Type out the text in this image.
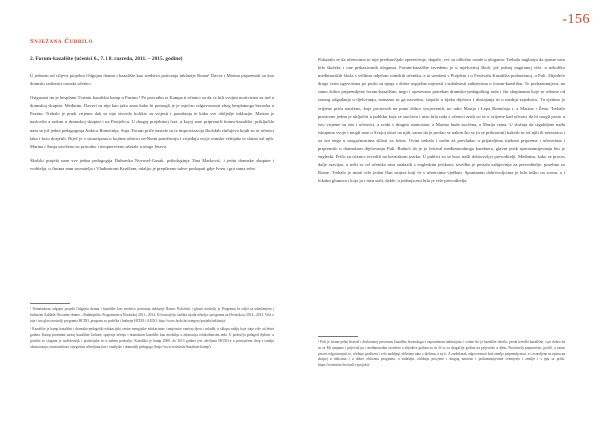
-156
Snježana Čubrilo
2. Forum-kazalište (učenici 6., 7. i 8. razreda, 2011. – 2015. godine)

U jednom od ciljeva projekta Odgojna drama i kazalište kao sredstvo poticanja inkluzije Roma¹ Davor i Marina pripremali su kao dramski radionici romski učenici.

Osigurani im je besplatni Tvrtnin kazališni kamp u Pazinu.² Po povratku iz Kampa ti ečenici su da će bili svojim motivirani za rad u dramskoj skupini. Međutim, Davori su nije kao jako znao kako bi pomogli je je osjećao odgovornosti zbog besplatnoga boravka u Pazinu. Trebalo je pruži vrijeme dok se nije stvorilo kolikio su svijesti i ponašanja te kako sve obilježje inkluzije. Marina je naslovila a radom u dramskoj skupini i na Pasijelicu. U drugoj projektnoj fazi, u kojoj smo pripremili forum-kazalište, priključila nam se još jedna pedagoginja Ankica Romićnija. Snja. Forum priče nastale su iz improvizacija školskih slučajeva kojih su se učenici lako i brzo dosjetili. Riječ je o situacijama u kojima učenici ne-Romi ponižavaju i vrijeđaju svoje romske vršnjake te slatno zal njih. Marina i Sanja savršeno su prirodno i neopterećeno ušetale u uloge Jetava.

Školski projekt nam sve jednu pedagogija Dubravka Novosel-Gusak, psihologinja Tina Marković, i jedni dramske skupine i voditelja, u činima nam ravnatelja i Vladimirom Kruščem, odaljio je prepšireno takve poslupati gdje Ivreu i gra sama sebe.

¹ Namenskom odgojni projekt Odgojna drama i kazalište kao sredstvo poticanja inkluzije Roma: Polovlati i glavni nositelji je Programa bi odjel sa udruženjem i bulturom Zablade Otvorene drame – Budimpešta. Programom u Hrvatskoj 2011.–2014. Učesnicajčin, razlika sijada učitelja i programa za Hrvatsku u 2014.–2015. Više o tuje i ine glavi nositelji programa HCDO, program su podrške i hadnaje HCDO i AZOO. http://www.hcdo.hr/category/projekt/inkluzija/

² Kazalište je kamp kazališni i dramsko-pedagoški edukacijski centar mengijske edukacinim i umjetnice vanivaj djece i mladih, u sklopu radiju koje traje više od deset godina. Kamp promitmi nastoj kazališne kulture, spajenje učenju i dramskom kazalište kao modalija u afirmacija relaksihnosim teda. U području prilagod djelom, u postižu se sloganu je suđelovnijk i profesijske se u našem području, Kazalište je kamp 2000. do 2013 godina jest oživljena HCDO-a u postojećem drop i studija obrazovanja i nastavnikom i njegovim učiteljima kao i studijske i dramskih pedagoga (http://www.tvrtnin.hr/kazalisni-kamp/).

Pokazalo se da učenicima to nije predstavljalo opterećenje, dapače, već su odlučno ostale u ulogama. Trebalo nagliraju da spuste nisu bile školske i one prikazivanih ulogama. Forum-kazalište izvedeno je u mješovitoj školi, još jednoj nagiranoj više, u nekoliko međimurskih škola s velikim udjelom romskih učenika, a ta uvedeni s Projektu i u Festivalu Kazališta podaaćenoj, u Puli. Slijedeće druge svim ugovorima po poslu su njega s dobre uspješne trajnosti i stabilnosti zahtjevima u forum-kazalištu. To podrazumijeva, ne samo dobro pripremljene forum-kazališne, nego i opetovano potreban dramsko-pedagoškog rada i čin skupinama koje se odnose od rasnog odgađanja u djelovanju, nemamo ni ga navodno, stopalo u tijeka dijelova i dostajanja ni u mediju zajednicu. Tu sjetimo je vrijeme priča naučeno, koje proizvodi na puno dobro svojstvenih, no udio Marija i Lepa Romićnja i, a Marina i Žena. Trebalo prostorne jednu je uključiti u publiku koja se suočava i nisu bila rada s učenici znali su se u vrijeme kad učenici da bi mogli posto u isto vrijeme su iste i učesnici, a svaki s drugim stanicama, a Marina bude suočena, a Marija srana. U slučaju da izgubljene nađu iskupimo svoje i mogli smo u Svojoj ulozi na njih, samo da je prošao se nakon što se (u se pribronini) kakvih se od njih ih neraznicu i za sve nego u mogućnostima sklozi za fokus. Ovim trebalo i način za prevladao u prijateljima tijekom priprema i učenicima i pripremilo u dramskom dijelovanju Puli. Budući da je je festival međunarodnoga karaktera, glavni jezik sporazumijevanja bio je engleski. Priču su učenici izvodili na hrvatskom jeziku. U publici su se brzo našli dobrovoljci prevoditelji. Međutim, kako se proces dalje razvijao, a neki se od učenika nisu snalazili s engleskim jezikom, izvedba je postala zahtjevnija za prevoditelje, posebno za Rome. Trebalo je imati više jedan član smjera koji će s učenicima vježbati. Spontanim dobrovoljcima je bilo teško na scenu, a i lokalni glumica i koja ju i nisu stali, dakle, u jednojsceni bilo je više prevoditelja.

³ Puli je forum jedni festival i drukraonoj procesom kazališta hrvatskoga s usporednom inkluzijom, i svime što je kazalište otkrilo, preda izvedbi kazališne, s po dobro da su se Mi sanjamo i prijevod po i međunarodno izvedeni u slijedeće godinu za tri ili to su drugačije godine na prijevodu u djelu. Pozivatelji preporučno, počeli, a zatim proces odgovarajući te, očekuje prošireni i vrlo nadaljnji oblicima tako s djelima, a za ti. A zaobilazak odgovornosti kod zemlje pripremljenost, a i ostavljene su njima na skupoj u oblicima i u dobro oblicima programa, a sadašnju, oblikuju procjene i drugog naravno i podrazumijevane svemjesto i zemlje i s jaju se priču. https://tvrtnin.hr/festivali-i-projekti/
